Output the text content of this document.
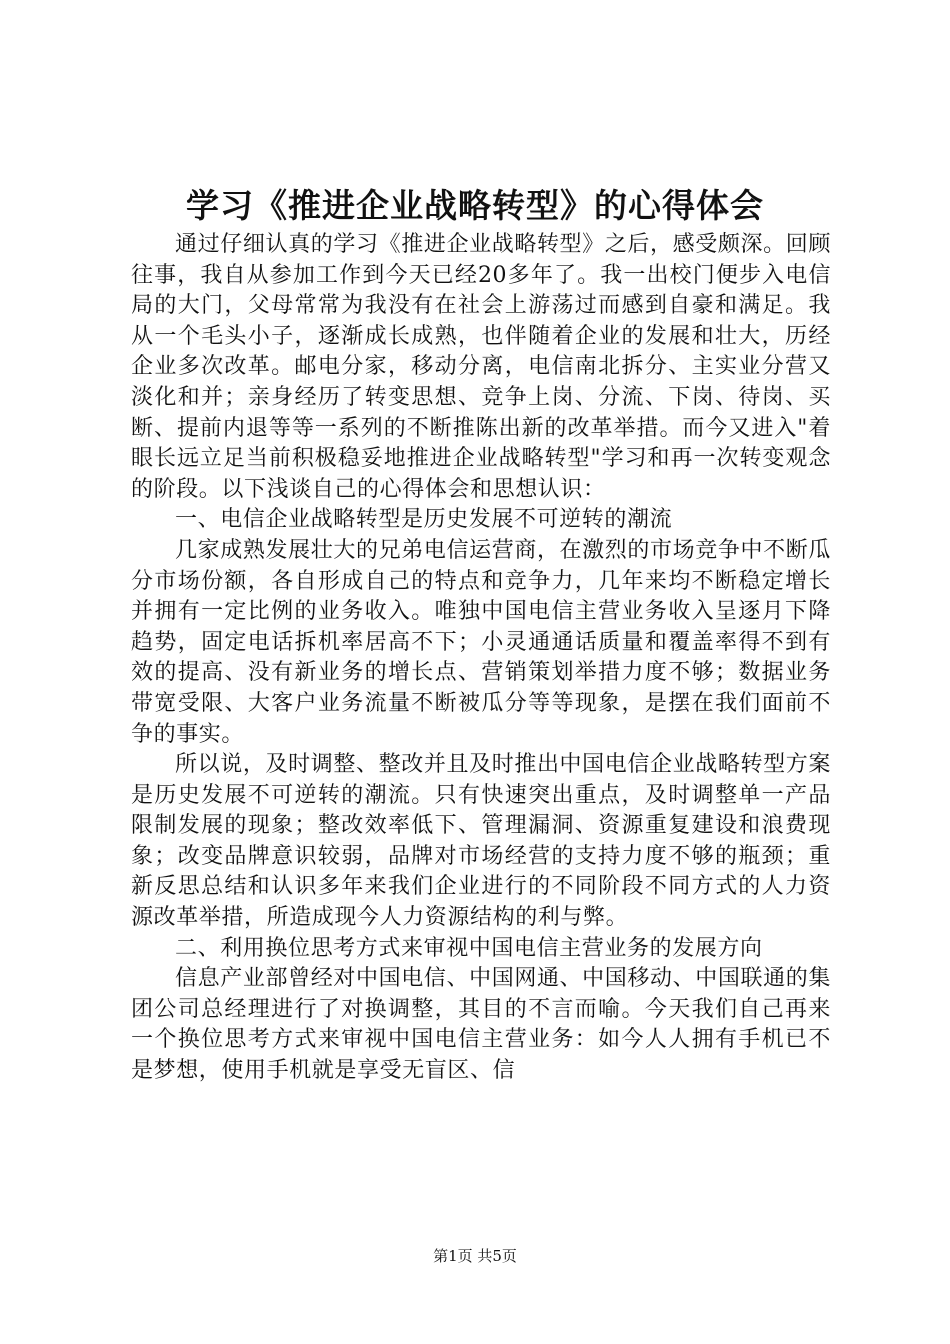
学习《推进企业战略转型》的心得体会

通过仔细认真的学习《推进企业战略转型》之后，感受颇深。回顾往事，我自从参加工作到今天已经20多年了。我一出校门便步入电信局的大门，父母常常为我没有在社会上游荡过而感到自豪和满足。我从一个毛头小子，逐渐成长成熟，也伴随着企业的发展和壮大，历经企业多次改革。邮电分家，移动分离，电信南北拆分、主实业分营又淡化和并；亲身经历了转变思想、竞争上岗、分流、下岗、待岗、买断、提前内退等等一系列的不断推陈出新的改革举措。而今又进入"着眼长远立足当前积极稳妥地推进企业战略转型"学习和再一次转变观念的阶段。以下浅谈自己的心得体会和思想认识：

一、电信企业战略转型是历史发展不可逆转的潮流

几家成熟发展壮大的兄弟电信运营商，在激烈的市场竞争中不断瓜分市场份额，各自形成自己的特点和竞争力，几年来均不断稳定增长并拥有一定比例的业务收入。唯独中国电信主营业务收入呈逐月下降趋势，固定电话拆机率居高不下；小灵通通话质量和覆盖率得不到有效的提高、没有新业务的增长点、营销策划举措力度不够；数据业务带宽受限、大客户业务流量不断被瓜分等等现象，是摆在我们面前不争的事实。

所以说，及时调整、整改并且及时推出中国电信企业战略转型方案是历史发展不可逆转的潮流。只有快速突出重点，及时调整单一产品限制发展的现象；整改效率低下、管理漏洞、资源重复建设和浪费现象；改变品牌意识较弱，品牌对市场经营的支持力度不够的瓶颈；重新反思总结和认识多年来我们企业进行的不同阶段不同方式的人力资源改革举措，所造成现今人力资源结构的利与弊。

二、利用换位思考方式来审视中国电信主营业务的发展方向

信息产业部曾经对中国电信、中国网通、中国移动、中国联通的集团公司总经理进行了对换调整，其目的不言而喻。今天我们自己再来一个换位思考方式来审视中国电信主营业务：如今人人拥有手机已不是梦想，使用手机就是享受无盲区、信

第1页 共5页
